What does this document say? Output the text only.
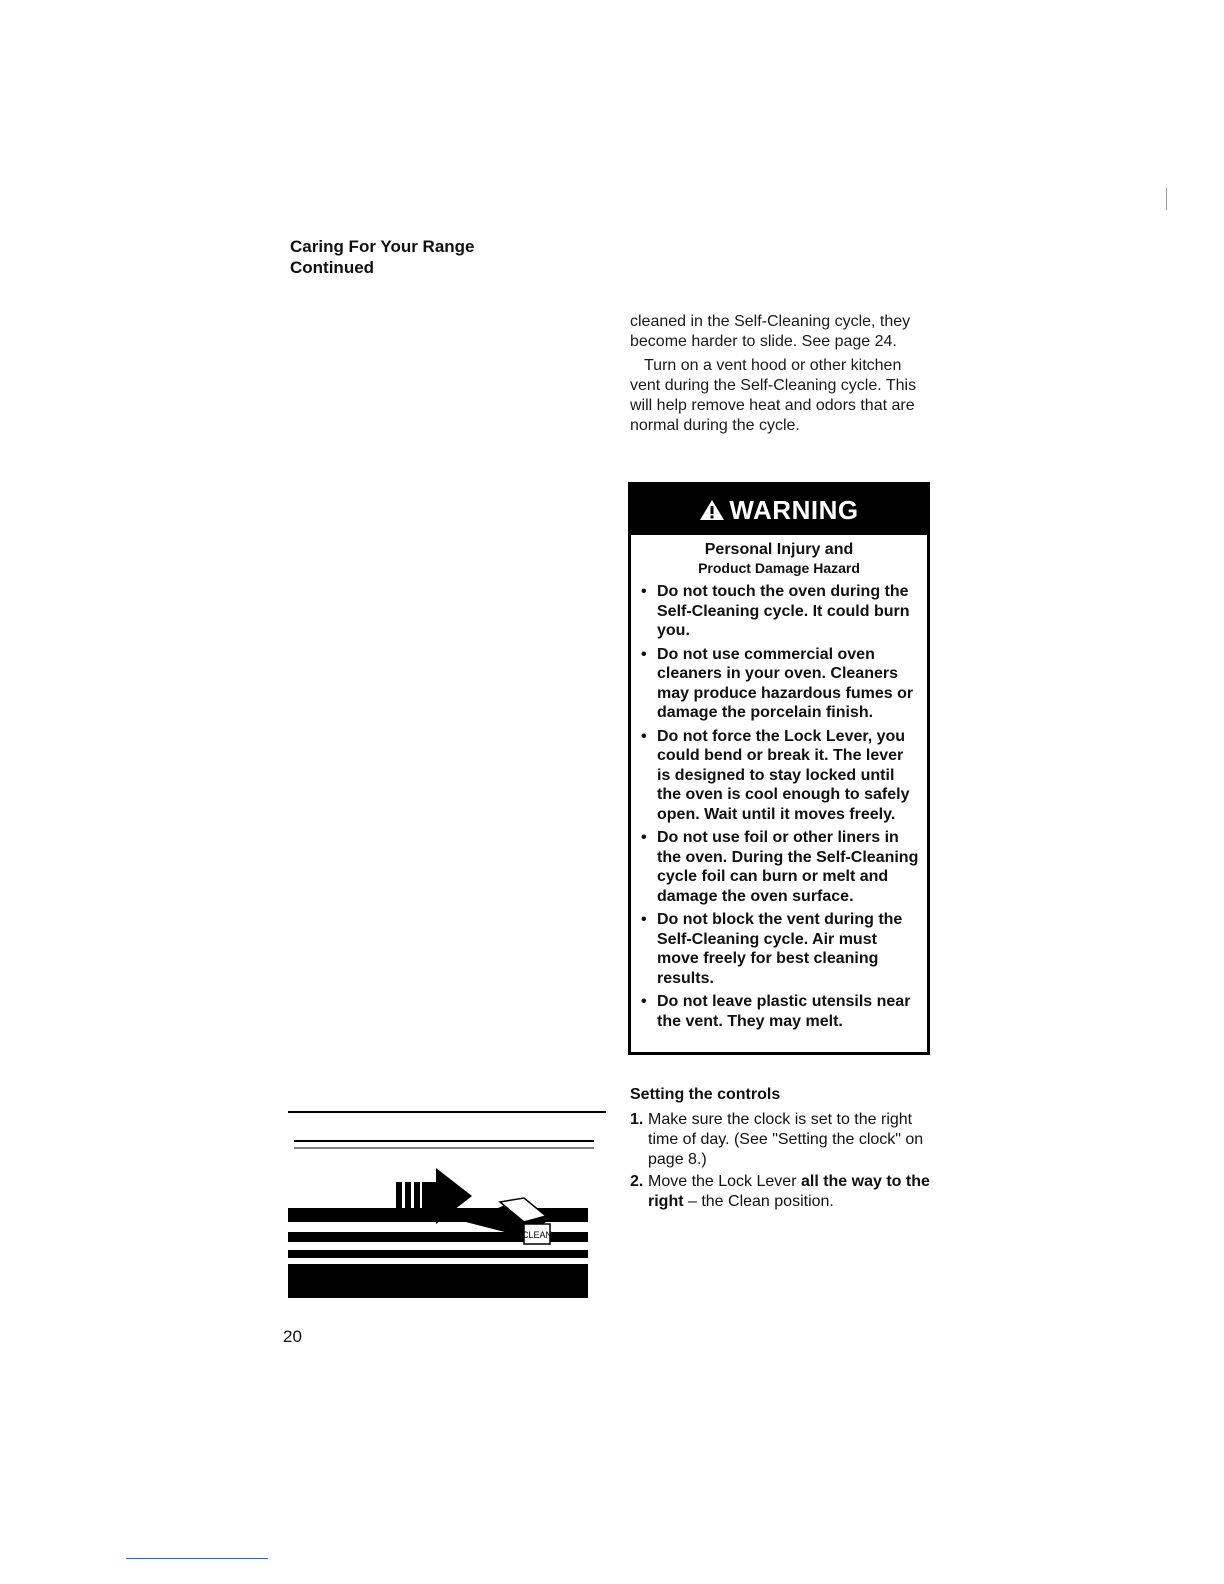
Caring For Your Range
Continued

cleaned in the Self-Cleaning cycle, they become harder to slide. See page 24.

Turn on a vent hood or other kitchen vent during the Self-Cleaning cycle. This will help remove heat and odors that are normal during the cycle.

WARNING
Personal Injury and
Product Damage Hazard
• Do not touch the oven during the Self-Cleaning cycle. It could burn you.
• Do not use commercial oven cleaners in your oven. Cleaners may produce hazardous fumes or damage the porcelain finish.
• Do not force the Lock Lever, you could bend or break it. The lever is designed to stay locked until the oven is cool enough to safely open. Wait until it moves freely.
• Do not use foil or other liners in the oven. During the Self-Cleaning cycle foil can burn or melt and damage the oven surface.
• Do not block the vent during the Self-Cleaning cycle. Air must move freely for best cleaning results.
• Do not leave plastic utensils near the vent. They may melt.
CLEAN
Setting the controls
1. Make sure the clock is set to the right time of day. (See "Setting the clock" on page 8.)
2. Move the Lock Lever all the way to the right – the Clean position.
20
